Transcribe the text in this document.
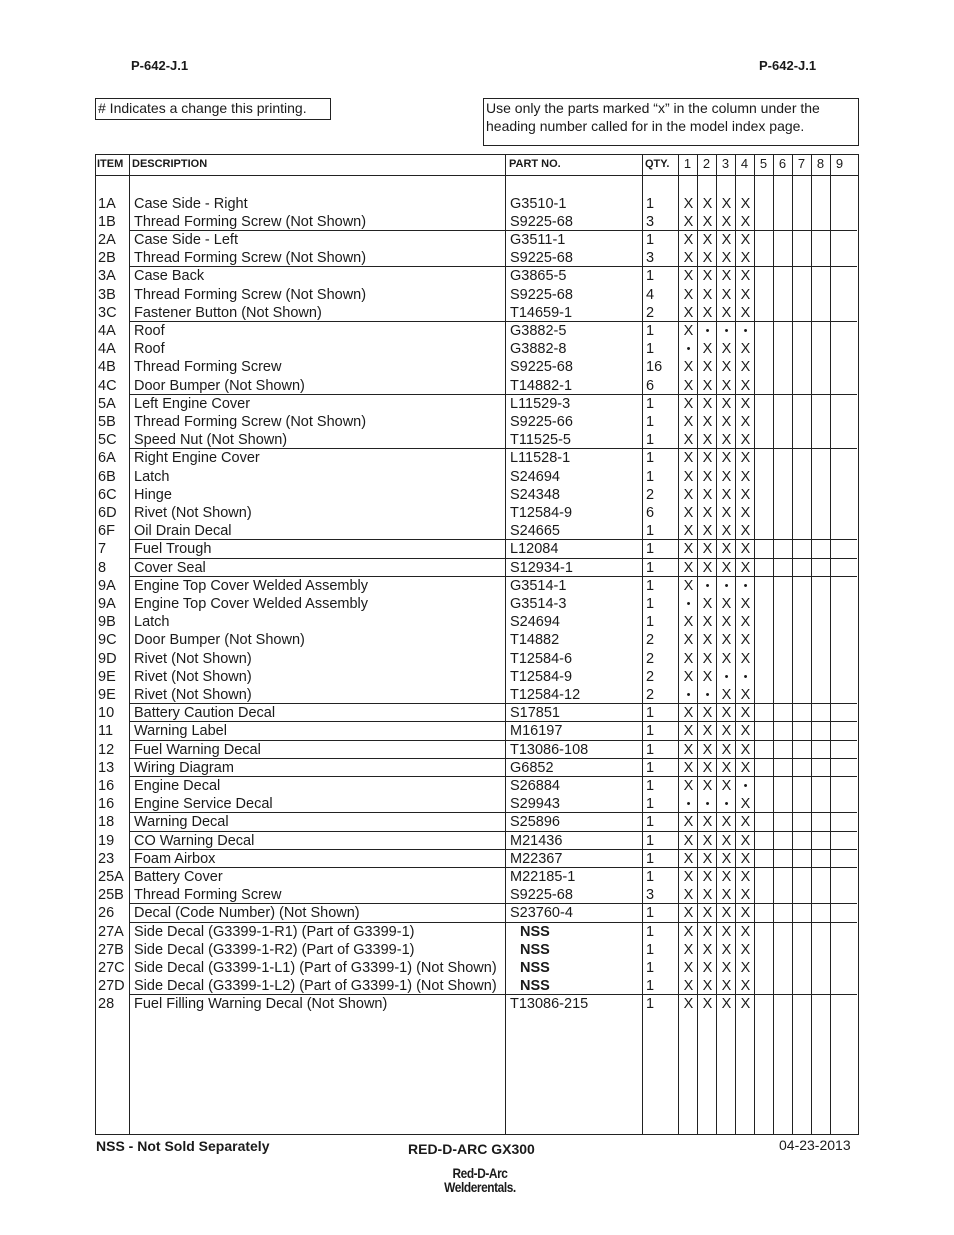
P-642-J.1	P-642-J.1
# Indicates a change this printing.	Use only the parts marked “x” in the column under the heading number called for in the model index page.
ITEM DESCRIPTION	PART NO.	QTY.	1 2 3 4 5 6 7 8 9
1A Case Side - Right	G3510-1	1	X X X X
1B Thread Forming Screw (Not Shown)	S9225-68	3	X X X X
2A Case Side - Left	G3511-1	1	X X X X
2B Thread Forming Screw (Not Shown)	S9225-68	3	X X X X
3A Case Back	G3865-5	1	X X X X
3B Thread Forming Screw (Not Shown)	S9225-68	4	X X X X
3C Fastener Button (Not Shown)	T14659-1	2	X X X X
4A Roof	G3882-5	1	X	•	•	•
4A Roof	G3882-8	1	• X X X
4B Thread Forming Screw	S9225-68	16	X X X X
4C Door Bumper (Not Shown)	T14882-1	6	X X X X
5A Left Engine Cover	L11529-3	1	X X X X
5B Thread Forming Screw (Not Shown)	S9225-66	1	X X X X
5C Speed Nut (Not Shown)	T11525-5	1	X X X X
6A Right Engine Cover	L11528-1	1	X X X X
6B Latch	S24694	1	X X X X
6C Hinge	S24348	2	X X X X
6D Rivet (Not Shown)	T12584-9	6	X X X X
6F Oil Drain Decal	S24665	1	X X X X
7 Fuel Trough	L12084	1	X X X X
8 Cover Seal	S12934-1	1	X X X X
9A Engine Top Cover Welded Assembly	G3514-1	1	X	•	•	•
9A Engine Top Cover Welded Assembly	G3514-3	1	• X X X
9B Latch	S24694	1	X X X X
9C Door Bumper (Not Shown)	T14882	2	X X X X
9D Rivet (Not Shown)	T12584-6	2	X X X X
9E Rivet (Not Shown)	T12584-9	2	X X	•	•
9E Rivet (Not Shown)	T12584-12	2	•	• X X
10 Battery Caution Decal	S17851	1	X X X X
11 Warning Label	M16197	1	X X X X
12 Fuel Warning Decal	T13086-108	1	X X X X
13 Wiring Diagram	G6852	1	X X X X
16 Engine Decal	S26884	1	X X X	•
16 Engine Service Decal	S29943	1	•	•	• X
18 Warning Decal	S25896	1	X X X X
19 CO Warning Decal	M21436	1	X X X X
23 Foam Airbox	M22367	1	X X X X
25A Battery Cover	M22185-1	1	X X X X
25B Thread Forming Screw	S9225-68	3	X X X X
26 Decal (Code Number) (Not Shown)	S23760-4	1	X X X X
27A Side Decal (G3399-1-R1) (Part of G3399-1)	NSS	1	X X X X
27B Side Decal (G3399-1-R2) (Part of G3399-1)	NSS	1	X X X X
27C Side Decal (G3399-1-L1) (Part of G3399-1) (Not Shown) NSS	1	X X X X
27D Side Decal (G3399-1-L2) (Part of G3399-1) (Not Shown) NSS	1	X X X X
28 Fuel Filling Warning Decal (Not Shown)	T13086-215	1	X X X X
NSS - Not Sold Separately	RED-D-ARC GX300	04-23-2013
Red-D-Arc
Welderentals.
